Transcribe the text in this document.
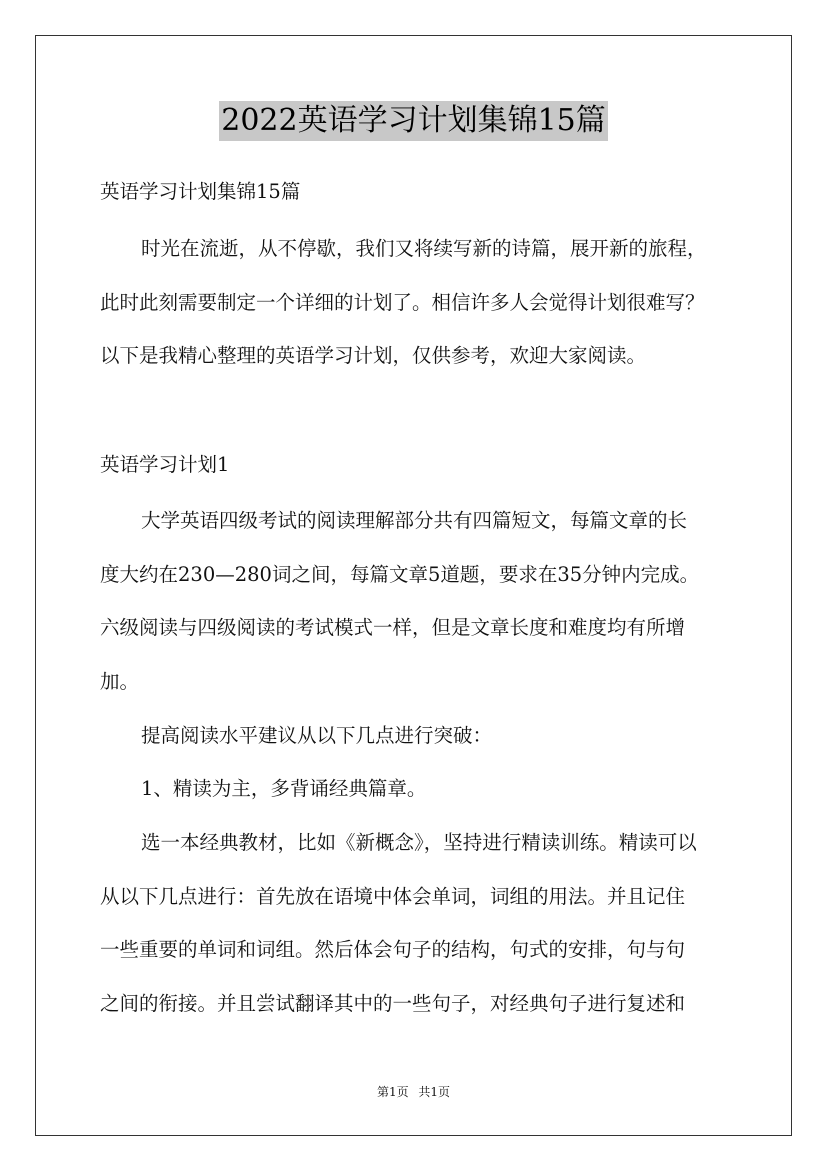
2022英语学习计划集锦15篇
英语学习计划集锦15篇
时光在流逝，从不停歇，我们又将续写新的诗篇，展开新的旅程，
此时此刻需要制定一个详细的计划了。相信许多人会觉得计划很难写？
以下是我精心整理的英语学习计划，仅供参考，欢迎大家阅读。
英语学习计划1
大学英语四级考试的阅读理解部分共有四篇短文，每篇文章的长
度大约在230—280词之间，每篇文章5道题，要求在35分钟内完成。
六级阅读与四级阅读的考试模式一样，但是文章长度和难度均有所增
加。
提高阅读水平建议从以下几点进行突破：
1、精读为主，多背诵经典篇章。
选一本经典教材，比如《新概念》，坚持进行精读训练。精读可以
从以下几点进行：首先放在语境中体会单词，词组的用法。并且记住
一些重要的单词和词组。然后体会句子的结构，句式的安排，句与句
之间的衔接。并且尝试翻译其中的一些句子，对经典句子进行复述和
第1页 共1页
